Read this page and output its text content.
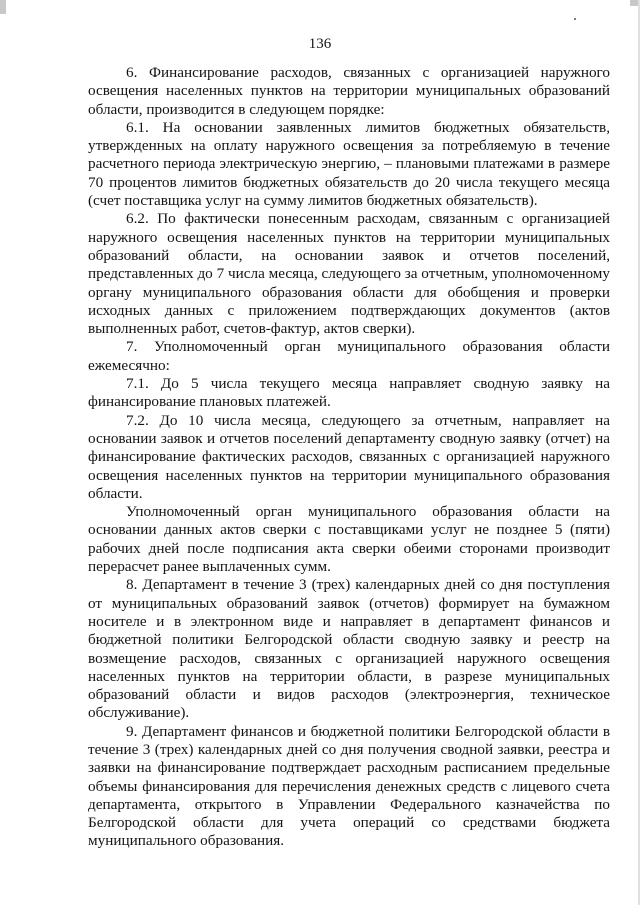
136

6. Финансирование расходов, связанных с организацией наружного освещения населенных пунктов на территории муниципальных образований области, производится в следующем порядке:

6.1. На основании заявленных лимитов бюджетных обязательств, утвержденных на оплату наружного освещения за потребляемую в течение расчетного периода электрическую энергию, – плановыми платежами в размере 70 процентов лимитов бюджетных обязательств до 20 числа текущего месяца (счет поставщика услуг на сумму лимитов бюджетных обязательств).

6.2. По фактически понесенным расходам, связанным с организацией наружного освещения населенных пунктов на территории муниципальных образований области, на основании заявок и отчетов поселений, представленных до 7 числа месяца, следующего за отчетным, уполномоченному органу муниципального образования области для обобщения и проверки исходных данных с приложением подтверждающих документов (актов выполненных работ, счетов-фактур, актов сверки).

7. Уполномоченный орган муниципального образования области ежемесячно:

7.1. До 5 числа текущего месяца направляет сводную заявку на финансирование плановых платежей.

7.2. До 10 числа месяца, следующего за отчетным, направляет на основании заявок и отчетов поселений департаменту сводную заявку (отчет) на финансирование фактических расходов, связанных с организацией наружного освещения населенных пунктов на территории муниципального образования области.

Уполномоченный орган муниципального образования области на основании данных актов сверки с поставщиками услуг не позднее 5 (пяти) рабочих дней после подписания акта сверки обеими сторонами производит перерасчет ранее выплаченных сумм.

8. Департамент в течение 3 (трех) календарных дней со дня поступления от муниципальных образований заявок (отчетов) формирует на бумажном носителе и в электронном виде и направляет в департамент финансов и бюджетной политики Белгородской области сводную заявку и реестр на возмещение расходов, связанных с организацией наружного освещения населенных пунктов на территории области, в разрезе муниципальных образований области и видов расходов (электроэнергия, техническое обслуживание).

9. Департамент финансов и бюджетной политики Белгородской области в течение 3 (трех) календарных дней со дня получения сводной заявки, реестра и заявки на финансирование подтверждает расходным расписанием предельные объемы финансирования для перечисления денежных средств с лицевого счета департамента, открытого в Управлении Федерального казначейства по Белгородской области для учета операций со средствами бюджета муниципального образования.
